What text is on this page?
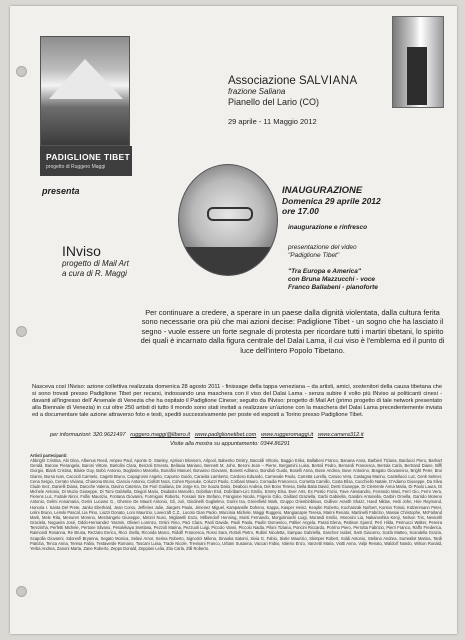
PADIGLIONE TIBET
progetto di Ruggero Maggi
presenta
Associazione SALVIANA
frazione Saliana
Pianello del Lario (CO)
29 aprile - 11 Maggio 2012
INAUGURAZIONE
Domenica 29 aprile 2012
ore 17.00
inaugurazione e rinfresco
presentazione del video
"Padiglione Tibet"
"Tra Europa e America"
con Bruna Mazzucchi - voce
Franco Ballabeni - pianoforte
INviso
progetto di Mail Art
a cura di R. Maggi
Per continuare a credere, a sperare in un paese dalla dignità violentata, dalla cultura ferita sono necessarie ora più che mai azioni decise: Padiglione Tibet - un sogno che ha lasciato il segno - vuole essere un forte segnale di protesta per ricordare tutti i martiri tibetani, lo spirito dei quali è incarnato dalla figura centrale del Dalai Lama, il cui viso è l'emblema ed il punto di luce dell'intero Popolo Tibetano.
Nasceva così INviso: azione collettiva realizzata domenica 28 agosto 2011 - finissage della tappa veneziana – da artisti, amici, sostenitori della causa tibetana che si sono trovati presso Padiglione Tibet per recarsi, indossando una maschera con il viso del Dalai Lama - senza subire il volto più INviso ai politicanti cinesi - davanti all'ingresso dell' Arsenale di Venezia che ha ospitato il Padiglione Cinese; seguito da INviso: progetto di Mail Art (primo progetto di tale network presentato alla Biennale di Venezia) in cui oltre 250 artisti di tutto il mondo sono stati invitati a realizzare un'azione con la maschera del Dalai Lama precedentemente inviata ed a documentare tale azione attraverso foto e testi, spediti successivamente per poste ed esposti a Torino presso Padiglione Tibet.
per informazioni: 320.9621497 ruggero.maggi@libero.it www.padiglionetibet.com www.ruggeromaggi.it www.camera312.it
Visite alla mostra su appuntamento: 0344.86291
Artisti partecipanti:
Abbright Cristina, Abi Dina, Albenus Reed, Ampex Paul, Aponte D. Stanley, Aprison Blossom, Arlpool, Babenko Dmitry, Baccalli Vittorio, Baggio Erika, Ballabeni Franco, Banana Anna, Barbieri Tiziana, Barducci Piero, Barhart Gerald, Barone Pierangela, Baroni Vittore, Bartolini Clara, Benzoli Ernesto, Bellavia Mariano, Bennett M. John, Beroni Jean – Pierre, Bergamini Luisa, Bertoli Pedro, Bernardi Francesca, Bertola Carla, Bertrand Diane, Biffi Giorgio, Blank Cristina, Blaise Guy, Bobò Antonio, Bogliarino Marcella, Bonafini Manuel, Bonanno Giovanni, Bonetti Adriano, Bondioli Guido, Boselli Anna, Bossi Andrea, Bove Antonino, Bragato Giovannino, Bright Peter, Broi Gianni, Bursa Ivan, Caccioli Carmelo, Cagetti Bruno, Capogrossi Angelo, Capurso Guido, Caravita Lamberto, Cardoso Eduardo, Carnevale Paolo, Carretta Lorella, Caruso Vera, Castagna Marino, Castellucci Luz, Cenk Selmer, Cena Sergio, Cerrato Viviana, Chiarona Bruno, Ciancio Antonio, Ciollott Nora, Cohen Ryosuke, Coluzzi Paolo, Corbani Mauro, Cornadia Francesco, Cornetta Camillo, Costa Elisa, Cucchiello Natale, D'Adamo Giuseppe, Da Silva Clude Inez, Danielli Diana, Daroche Valeria, Davino Caterina, De Fiori Giuliana, De Jorge Ko, De Souza Dario, Deaboci Andrea, Del Bono Teresa, Della Baita David, Denti Giuseppe, Di Clemente Anna Maria, Di Paolo Laura, Di Michele Antonio, Di Muzio Giuseppe, Di Tomi Gabriella, Diegoli Mario, Diodatini Marcello, Dobrikan Erol, Dobribam-Lirc Emilio, Emmy Elsa, Ever Arts, Ex Postio Fazio, Fave Alessandro, Ferrando Masi, Ferri Gio, Ferro Vera, Fierens Luc, Fodale Ninni, Follin Maurizio, Fontana Giovanni, Formigoni Roberto, Fossani Sire Stefano, Frangione Nicola, Frigerio Gilio, Gaillard Graziella, Garbi Gabriella, Gandini Antonella, Garbin Ornella, Garrido Moreno Antonio, Gelmi Annamaria, Gerini Luciano G., Ghenne De Maurit Antonio, Gli, Juri, Gindinelli Guglielmo, Gorini Isa, Greenfield Mark, Gruppo Grienbinblivus, Gulliver Aranth Shazz, Haed Niklas, Heiti John, Hire Raymond, Honoria I. Santa Del Prete, Janko Eberhard, Jean Corso, Jefferies Julie, Jiargers Paula, Jimenez Miguel, Kampanelle Doheno, Kappa, Kasper Heinz, Keoplin Roberto, Kochanzak Norbert, Kontos Tomai, Külzenmann Peter, Lelini Bruno, Lenski Pascal, Lia Pino, Liuzzi Donato, Loro Maurizio, Lovecraft C.Z., Lucoto Gian Paolo, Maccinia Michele, Maggi Ruggero, Mangiacapre Teresa, Marini Renato, Martinelli Fabrizio, Massai Christophe, McFarland Mark, Mele Rita, Menuren Moreno, Mestrangelo Giuseppe, Metzel Nunc, Migliarelli Enzo, Milbendorf Henning, Monti Fernando, Morgotiniachi Luigi, Morandi Emilio, Morosini Lia, Nakanoshita Kenji, Nelson Tris, Nevicelli Graciela, Nogueira José, Oddo-Hernandez Yasmin, Olivieri Lorenzo, Orsini Rino, Paci Clara, Paoli Davide, Paoli Paola, Paolin Domenico, Paltier Angela, Parati Elena, Pattison Sjoerd, Perì Hilda, Perinucci Walter, Pereira Terezinha, Perfetti Michele, Pertone Silvano, Pesolekaya Svetlana, Pezzoli Marina, Pezzuoli Luigi, Piccolo Vanni, Piccolo Nadia, Piloni Tiziana, Poncini Riccardo, Porrino Piero, Perrotta Fabrizio, Pierri Franco, Raffo Frederica, Raimondi Rosanna, Re Bruna, Rezzato Enrico, Ricci Stella, Riconda Marco, Ridolfi Francesca, Rossi Sara, Rottoli Pietro, Rubini Nicoletta, Sampao Gabriella, Sanchez Isabel, Sarti Giacomo, Scafa Matteo, Scandella Grazia, Scapolla Giovanni, Sdoresfi Bryanna, Segato Monica, Selavi Amor, Serina Roberto, Signorini Milena, Sinaoka Satomi, Sivia G. Fabio, Sixtie Maurizio, Skimper Robert, Soldi Antonio, Stefano Andrea, Surrealist Marina, Tardi Patrizia, Tenca Anna, Teresa Fabio, Testaverde Romano, Toscani Luisa, Trade Nicole, Trevisani Franco, Urbani Susanna, Vaccari Fabio, Valerio Enzo, Vanzetti Maria, Viotti Anna, Volpi Renato, Waldorf Nando, Wilson Ronald, Yerba Andrea, Zanoni Marta, Zane Roberto, Zepps Donald, Zeppiani Lelia, Zito Carla, Zilli Roberto.
